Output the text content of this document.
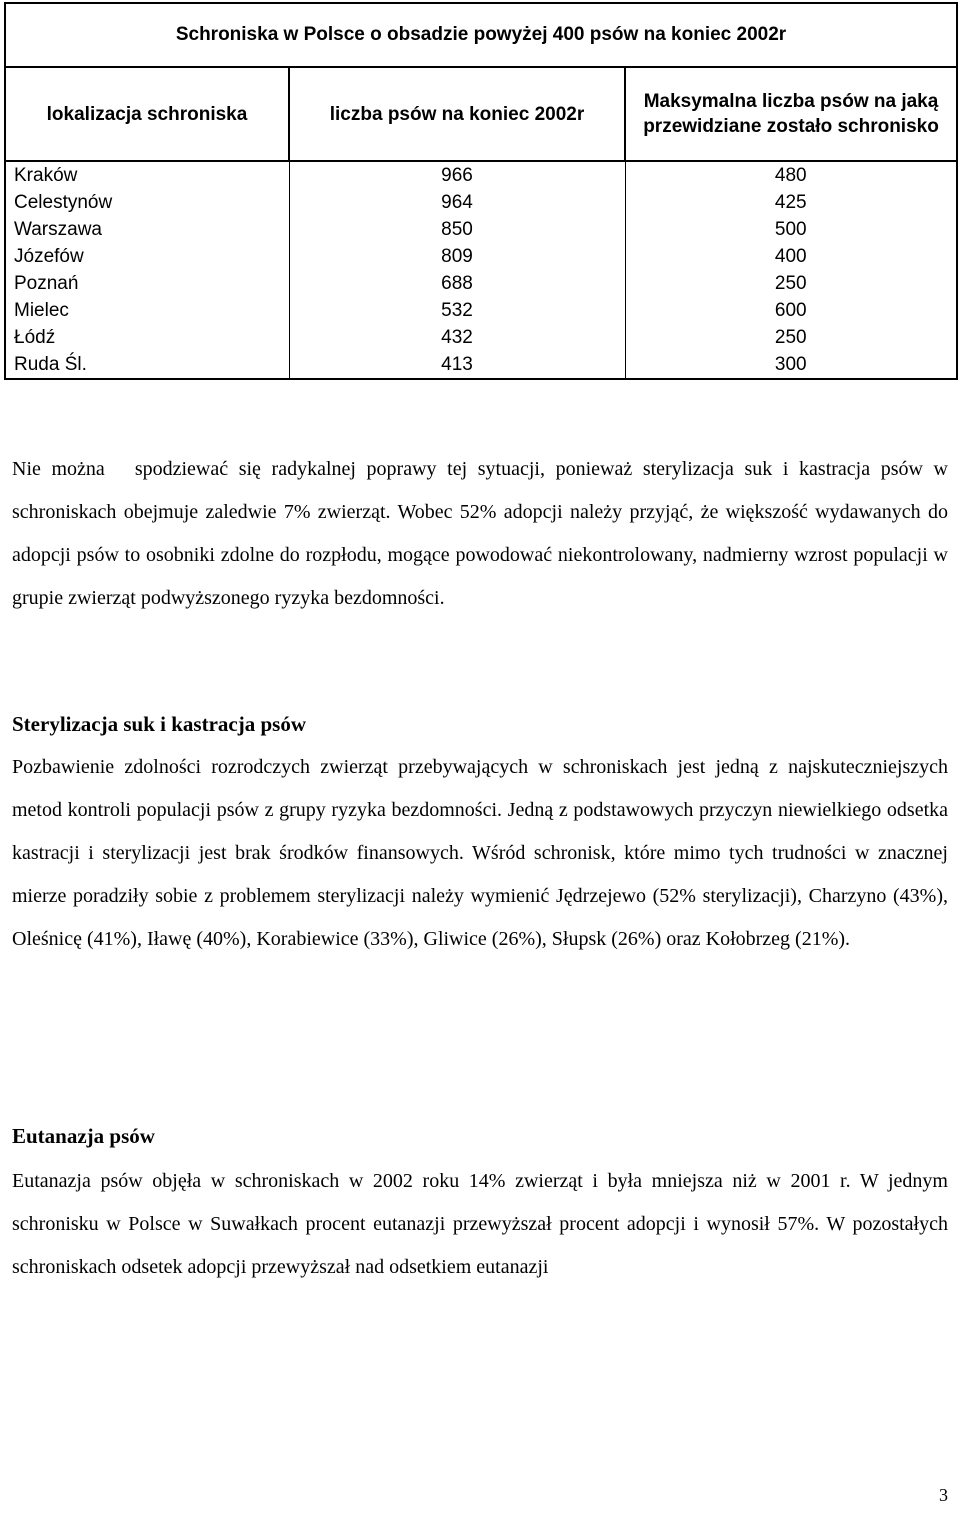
Schroniska w Polsce o obsadzie powyżej 400 psów na koniec 2002r		
lokalizacja schroniska	liczba psów na koniec 2002r	Maksymalna liczba psów na jaką przewidziane zostało schronisko

Kraków	966	480
Celestynów	964	425
Warszawa	850	500
Józefów	809	400
Poznań	688	250
Mielec	532	600
Łódź	432	250
Ruda Śl.	413	300

Nie można spodziewać się radykalnej poprawy tej sytuacji, ponieważ sterylizacja suk i kastracja psów w schroniskach obejmuje zaledwie 7% zwierząt. Wobec 52% adopcji należy przyjąć, że większość wydawanych do adopcji psów to osobniki zdolne do rozpłodu, mogące powodować niekontrolowany, nadmierny wzrost populacji w grupie zwierząt podwyższonego ryzyka bezdomności.

Sterylizacja suk i kastracja psów

Pozbawienie zdolności rozrodczych zwierząt przebywających w schroniskach jest jedną z najskuteczniejszych metod kontroli populacji psów z grupy ryzyka bezdomności. Jedną z podstawowych przyczyn niewielkiego odsetka kastracji i sterylizacji jest brak środków finansowych. Wśród schronisk, które mimo tych trudności w znacznej mierze poradziły sobie z problemem sterylizacji należy wymienić Jędrzejewo (52% sterylizacji), Charzyno (43%), Oleśnicę (41%), Iławę (40%), Korabiewice (33%), Gliwice (26%), Słupsk (26%) oraz Kołobrzeg (21%).

Eutanazja psów

Eutanazja psów objęła w schroniskach w 2002 roku 14% zwierząt i była mniejsza niż w 2001 r. W jednym schronisku w Polsce w Suwałkach procent eutanazji przewyższał procent adopcji i wynosił 57%. W pozostałych schroniskach odsetek adopcji przewyższał nad odsetkiem eutanazji

3
